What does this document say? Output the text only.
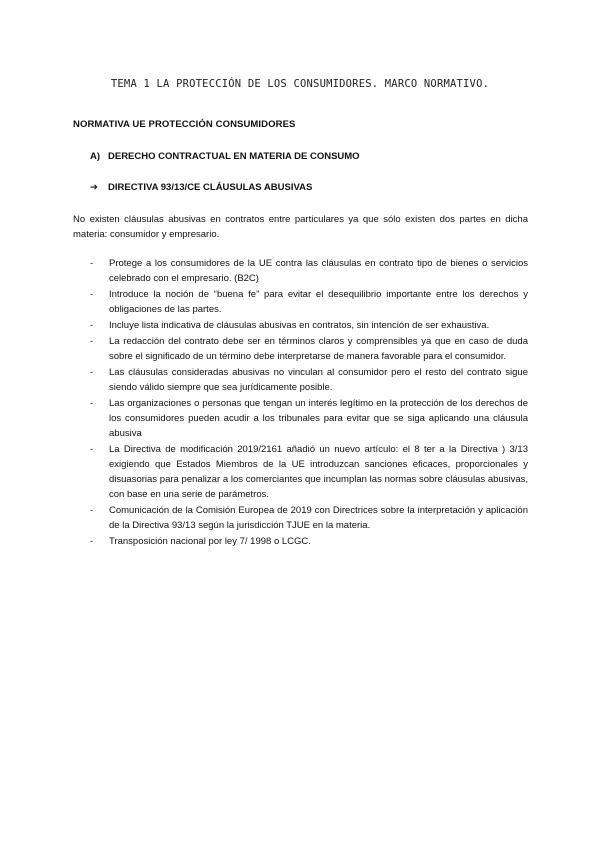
TEMA 1 LA PROTECCIÓN DE LOS CONSUMIDORES. MARCO NORMATIVO.
NORMATIVA UE PROTECCIÓN CONSUMIDORES
A) DERECHO CONTRACTUAL EN MATERIA DE CONSUMO
➔ DIRECTIVA 93/13/CE CLÁUSULAS ABUSIVAS

No existen cláusulas abusivas en contratos entre particulares ya que sólo existen dos partes en dicha materia: consumidor y empresario.

- Protege a los consumidores de la UE contra las cláusulas en contrato tipo de bienes o servicios celebrado con el empresario. (B2C)
- Introduce la noción de “buena fe” para evitar el desequilibrio importante entre los derechos y obligaciones de las partes.
- Incluye lista indicativa de cláusulas abusivas en contratos, sin intención de ser exhaustiva.
- La redacción del contrato debe ser en términos claros y comprensibles ya que en caso de duda sobre el significado de un término debe interpretarse de manera favorable para el consumidor.
- Las cláusulas consideradas abusivas no vinculan al consumidor pero el resto del contrato sigue siendo válido siempre que sea jurídicamente posible.
- Las organizaciones o personas que tengan un interés legítimo en la protección de los derechos de los consumidores pueden acudir a los tribunales para evitar que se siga aplicando una cláusula abusiva
- La Directiva de modificación 2019/2161 añadió un nuevo artículo: el 8 ter a la Directiva ) 3/13 exigiendo que Estados Miembros de la UE introduzcan sanciones eficaces, proporcionales y disuasorias para penalizar a los comerciantes que incumplan las normas sobre cláusulas abusivas, con base en una serie de parámetros.
- Comunicación de la Comisión Europea de 2019 con Directrices sobre la interpretación y aplicación de la Directiva 93/13 según la jurisdicción TJUE en la materia.
- Transposición nacional por ley 7/ 1998 o LCGC.
